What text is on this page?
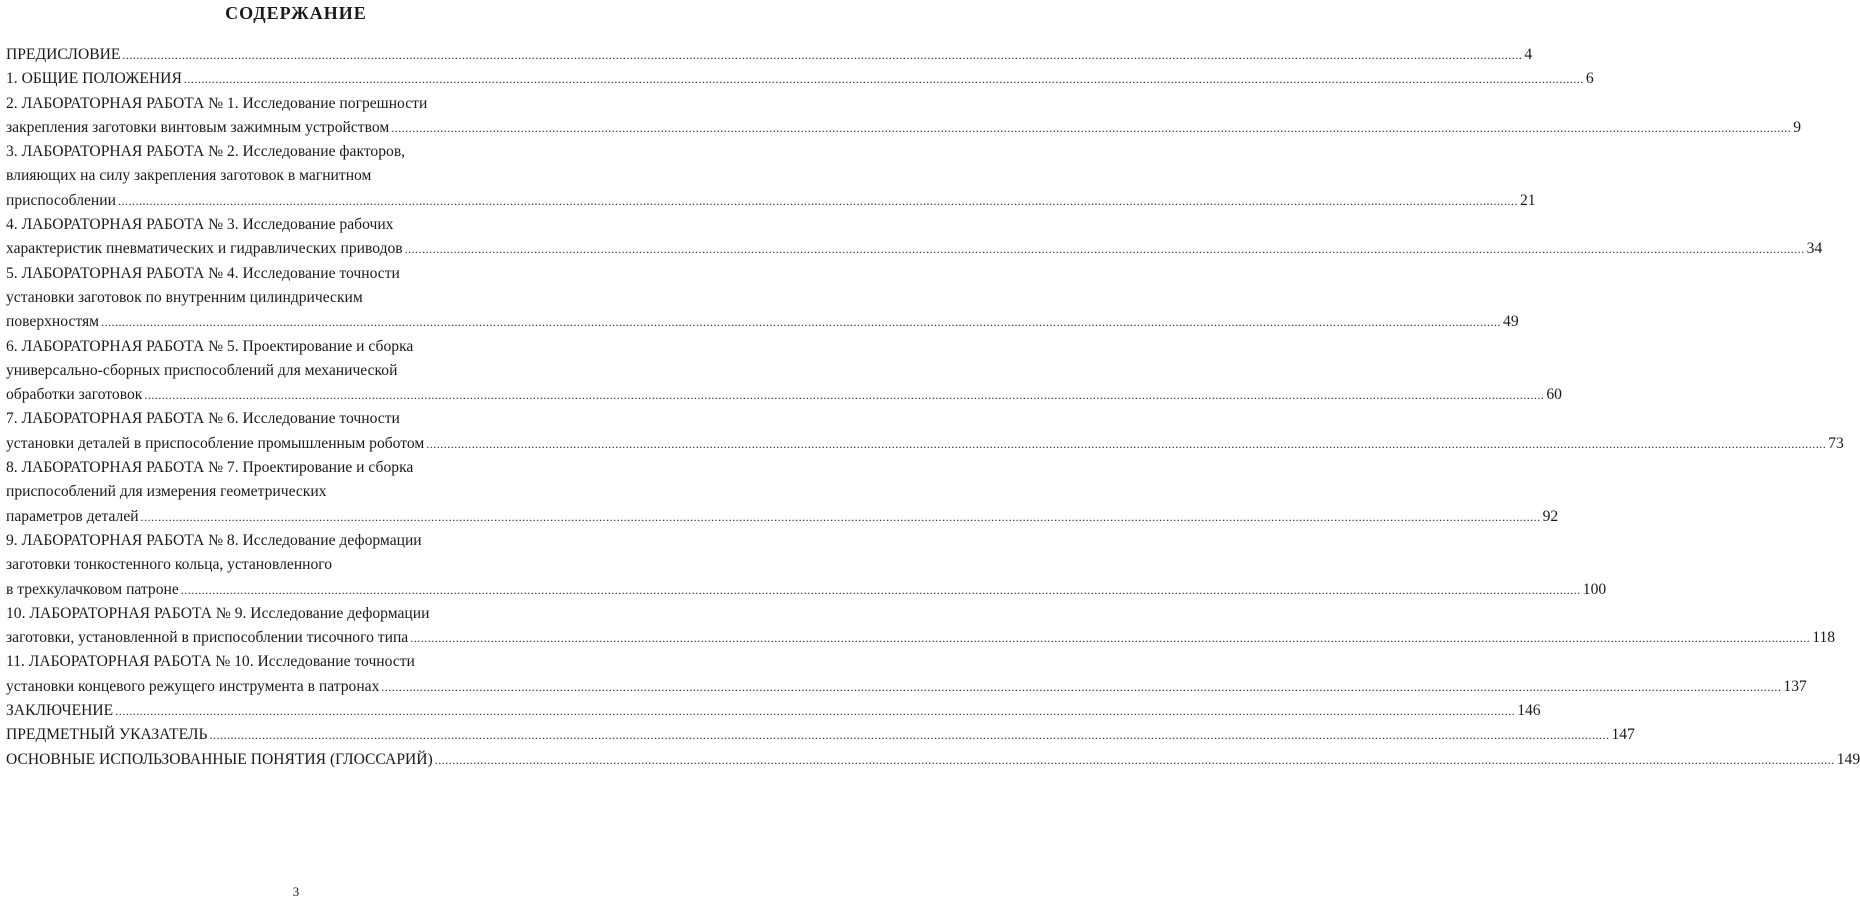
СОДЕРЖАНИЕ
ПРЕДИСЛОВИЕ ................................................................................................................................................................................................................................................................................................................................................................................................................ 4
1. ОБЩИЕ ПОЛОЖЕНИЯ ................................................................................................................................................................................................................................................................................................................................................................................................................ 6
2. ЛАБОРАТОРНАЯ РАБОТА № 1. Исследование погрешности
закрепления заготовки винтовым зажимным устройством ................................................................................................................................................................................................................................................................................................................................................................................................................ 9
3. ЛАБОРАТОРНАЯ РАБОТА № 2. Исследование факторов,
влияющих на силу закрепления заготовок в магнитном
приспособлении ................................................................................................................................................................................................................................................................................................................................................................................................................ 21
4. ЛАБОРАТОРНАЯ РАБОТА № 3. Исследование рабочих
характеристик пневматических и гидравлических приводов ................................................................................................................................................................................................................................................................................................................................................................................................................ 34
5. ЛАБОРАТОРНАЯ РАБОТА № 4. Исследование точности
установки заготовок по внутренним цилиндрическим
поверхностям ................................................................................................................................................................................................................................................................................................................................................................................................................ 49
6. ЛАБОРАТОРНАЯ РАБОТА № 5. Проектирование и сборка
универсально-сборных приспособлений для механической
обработки заготовок ................................................................................................................................................................................................................................................................................................................................................................................................................ 60
7. ЛАБОРАТОРНАЯ РАБОТА № 6. Исследование точности
установки деталей в приспособление промышленным роботом ................................................................................................................................................................................................................................................................................................................................................................................................................ 73
8. ЛАБОРАТОРНАЯ РАБОТА № 7. Проектирование и сборка
приспособлений для измерения геометрических
параметров деталей ................................................................................................................................................................................................................................................................................................................................................................................................................ 92
9. ЛАБОРАТОРНАЯ РАБОТА № 8. Исследование деформации
заготовки тонкостенного кольца, установленного
в трехкулачковом патроне ................................................................................................................................................................................................................................................................................................................................................................................................................ 100
10. ЛАБОРАТОРНАЯ РАБОТА № 9. Исследование деформации
заготовки, установленной в приспособлении тисочного типа ................................................................................................................................................................................................................................................................................................................................................................................................................ 118
11. ЛАБОРАТОРНАЯ РАБОТА № 10. Исследование точности
установки концевого режущего инструмента в патронах ................................................................................................................................................................................................................................................................................................................................................................................................................ 137
ЗАКЛЮЧЕНИЕ ................................................................................................................................................................................................................................................................................................................................................................................................................ 146
ПРЕДМЕТНЫЙ УКАЗАТЕЛЬ ................................................................................................................................................................................................................................................................................................................................................................................................................ 147
ОСНОВНЫЕ ИСПОЛЬЗОВАННЫЕ ПОНЯТИЯ (ГЛОССАРИЙ) ................................................................................................................................................................................................................................................................................................................................................................................................................ 149
3
